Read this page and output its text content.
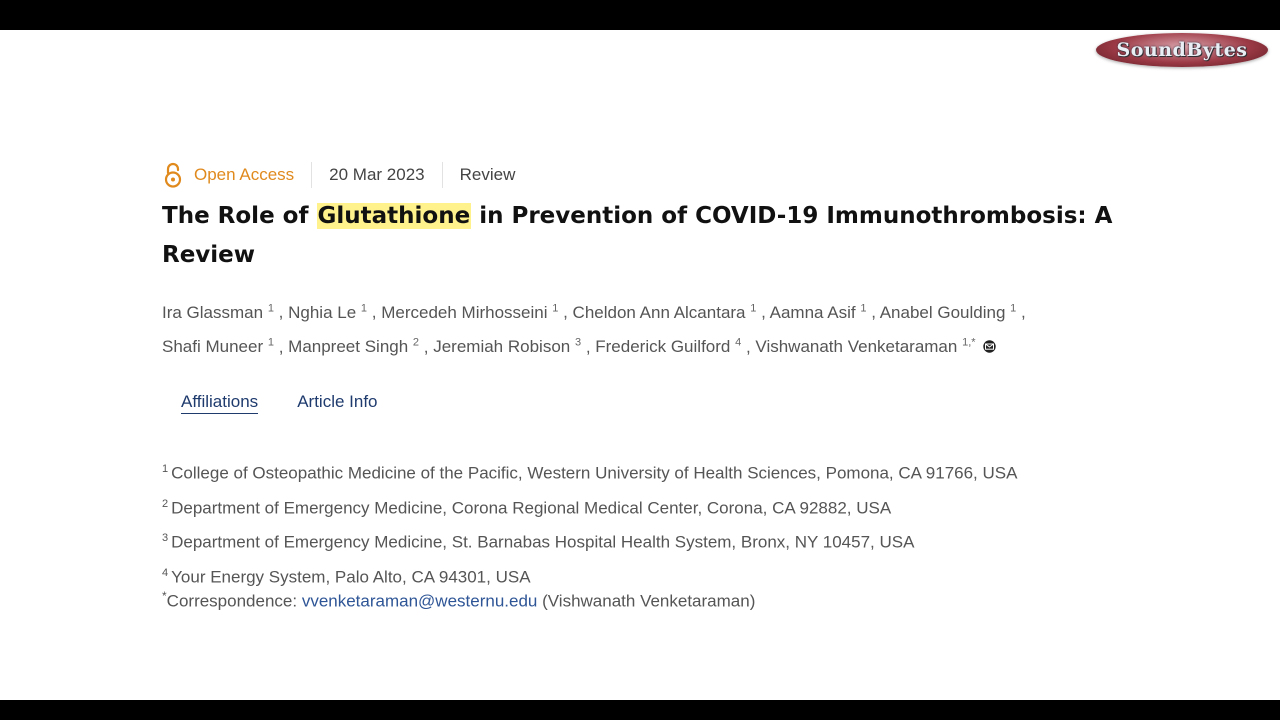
SoundBytes
Open Access 20 Mar 2023 Review
The Role of Glutathione in Prevention of COVID-19 Immunothrombosis: A Review
Ira Glassman $^1$ , Nghia Le $^1$ , Mercedeh Mirhosseini $^1$ , Cheldon Ann Alcantara $^1$ , Aamna Asif $^1$ , Anabel Goulding $^1$ ,
Shafi Muneer $^1$ , Manpreet Singh $^2$ , Jeremiah Robison $^3$ , Frederick Guilford $^4$ , Vishwanath Venketaraman $^{1,*}$
Affiliations Article Info
$^1$ College of Osteopathic Medicine of the Pacific, Western University of Health Sciences, Pomona, CA 91766, USA
$^2$ Department of Emergency Medicine, Corona Regional Medical Center, Corona, CA 92882, USA
$^3$ Department of Emergency Medicine, St. Barnabas Hospital Health System, Bronx, NY 10457, USA
$^4$ Your Energy System, Palo Alto, CA 94301, USA
*Correspondence: vvenketaraman@westernu.edu (Vishwanath Venketaraman)
